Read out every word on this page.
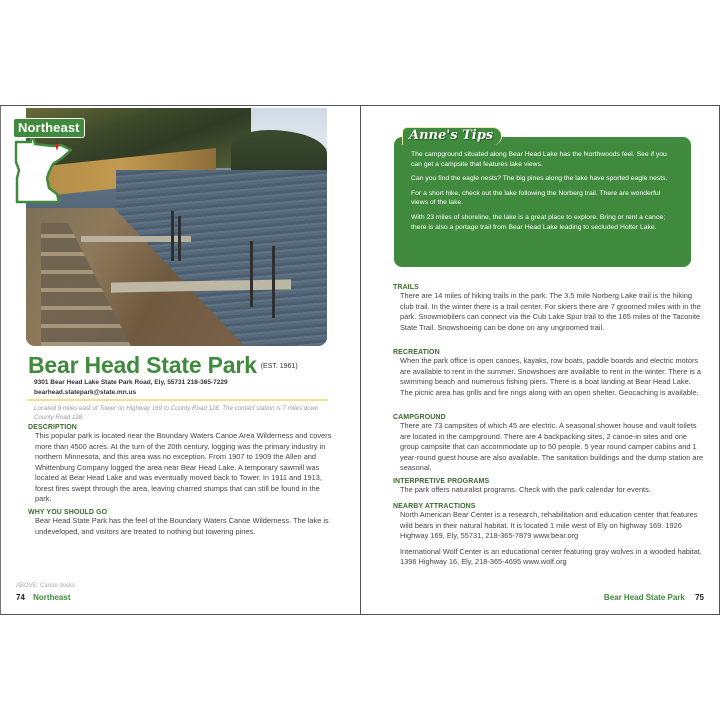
Northeast
Bear Head State Park (EST. 1961)
9301 Bear Head Lake State Park Road, Ely, 55731 218-365-7229
bearhead.statepark@state.mn.us
Located 9 miles east of Tower on Highway 169 to County Road 128. The contact station is 7 miles down County Road 128.
DESCRIPTION
This popular park is located near the Boundary Waters Canoe Area Wilderness and covers more than 4500 acres. At the turn of the 20th century, logging was the primary industry in northern Minnesota, and this area was no exception. From 1907 to 1909 the Allen and Whittenburg Company logged the area near Bear Head Lake. A temporary sawmill was located at Bear Head Lake and was eventually moved back to Tower. In 1911 and 1913, forest fires swept through the area, leaving charred stumps that can still be found in the park.
WHY YOU SHOULD GO
Bear Head State Park has the feel of the Boundary Waters Canoe Wilderness. The lake is undeveloped, and visitors are treated to nothing but towering pines.
ABOVE: Canoe docks
74 Northeast
Anne's Tips

The campground situated along Bear Head Lake has the Northwoods feel. See if you can get a campsite that features lake views.

Can you find the eagle nests? The big pines along the lake have sported eagle nests.

For a short hike, check out the lake following the Norberg trail. There are wonderful views of the lake.

With 23 miles of shoreline, the lake is a great place to explore. Bring or rent a canoe; there is also a portage trail from Bear Head Lake leading to secluded Holter Lake.

TRAILS
There are 14 miles of hiking trails in the park. The 3.5 mile Norberg Lake trail is the hiking club trail. In the winter there is a trail center. For skiers there are 7 groomed miles with in the park. Snowmobilers can connect via the Cub Lake Spur trail to the 165 miles of the Taconite State Trail. Snowshoeing can be done on any ungroomed trail.
RECREATION
When the park office is open canoes, kayaks, row boats, paddle boards and electric motors are available to rent in the summer. Snowshoes are available to rent in the winter. There is a swimming beach and numerous fishing piers. There is a boat landing at Bear Head Lake. The picnic area has grills and fire rings along with an open shelter. Geocaching is available.
CAMPGROUND
There are 73 campsites of which 45 are electric. A seasonal shower house and vault toilets are located in the campground. There are 4 backpacking sites, 2 canoe-in sites and one group campsite that can accommodate up to 50 people. 5 year round camper cabins and 1 year-round guest house are also available. The sanitation buildings and the dump station are seasonal.
INTERPRETIVE PROGRAMS
The park offers naturalist programs. Check with the park calendar for events.
NEARBY ATTRACTIONS

North American Bear Center is a research, rehabilitation and education center that features wild bears in their natural habitat. It is located 1 mile west of Ely on highway 169. 1926 Highway 169, Ely, 55731, 218-365-7879 www.bear.org

International Wolf Center is an educational center featuring gray wolves in a wooded habitat. 1396 Highway 16, Ely, 218-365-4695 www.wolf.org

Bear Head State Park 75
